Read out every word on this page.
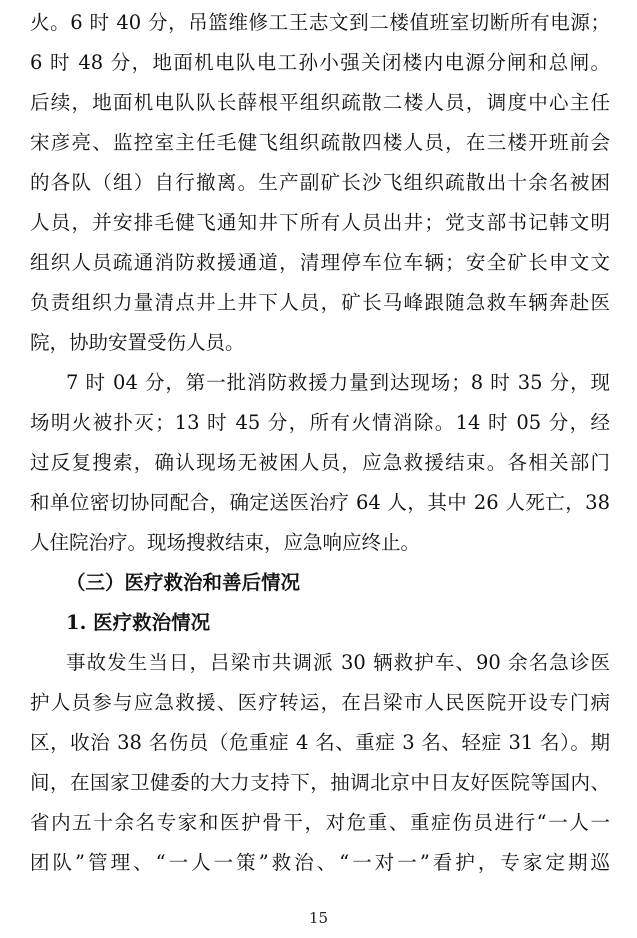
火。6 时 40 分，吊篮维修工王志文到二楼值班室切断所有电源；
6 时 48 分，地面机电队电工孙小强关闭楼内电源分闸和总闸。
后续，地面机电队队长薛根平组织疏散二楼人员，调度中心主任
宋彦亮、监控室主任毛健飞组织疏散四楼人员，在三楼开班前会
的各队（组）自行撤离。生产副矿长沙飞组织疏散出十余名被困
人员，并安排毛健飞通知井下所有人员出井；党支部书记韩文明
组织人员疏通消防救援通道，清理停车位车辆；安全矿长申文文
负责组织力量清点井上井下人员，矿长马峰跟随急救车辆奔赴医
院，协助安置受伤人员。
7 时 04 分，第一批消防救援力量到达现场；8 时 35 分，现
场明火被扑灭；13 时 45 分，所有火情消除。14 时 05 分，经
过反复搜索，确认现场无被困人员，应急救援结束。各相关部门
和单位密切协同配合，确定送医治疗 64 人，其中 26 人死亡，38
人住院治疗。现场搜救结束，应急响应终止。
（三）医疗救治和善后情况
1. 医疗救治情况
事故发生当日，吕梁市共调派 30 辆救护车、90 余名急诊医
护人员参与应急救援、医疗转运，在吕梁市人民医院开设专门病
区，收治 38 名伤员（危重症 4 名、重症 3 名、轻症 31 名）。期
间，在国家卫健委的大力支持下，抽调北京中日友好医院等国内、
省内五十余名专家和医护骨干，对危重、重症伤员进行“一人一
团队”管理、“一人一策”救治、“一对一”看护，专家定期巡
15
